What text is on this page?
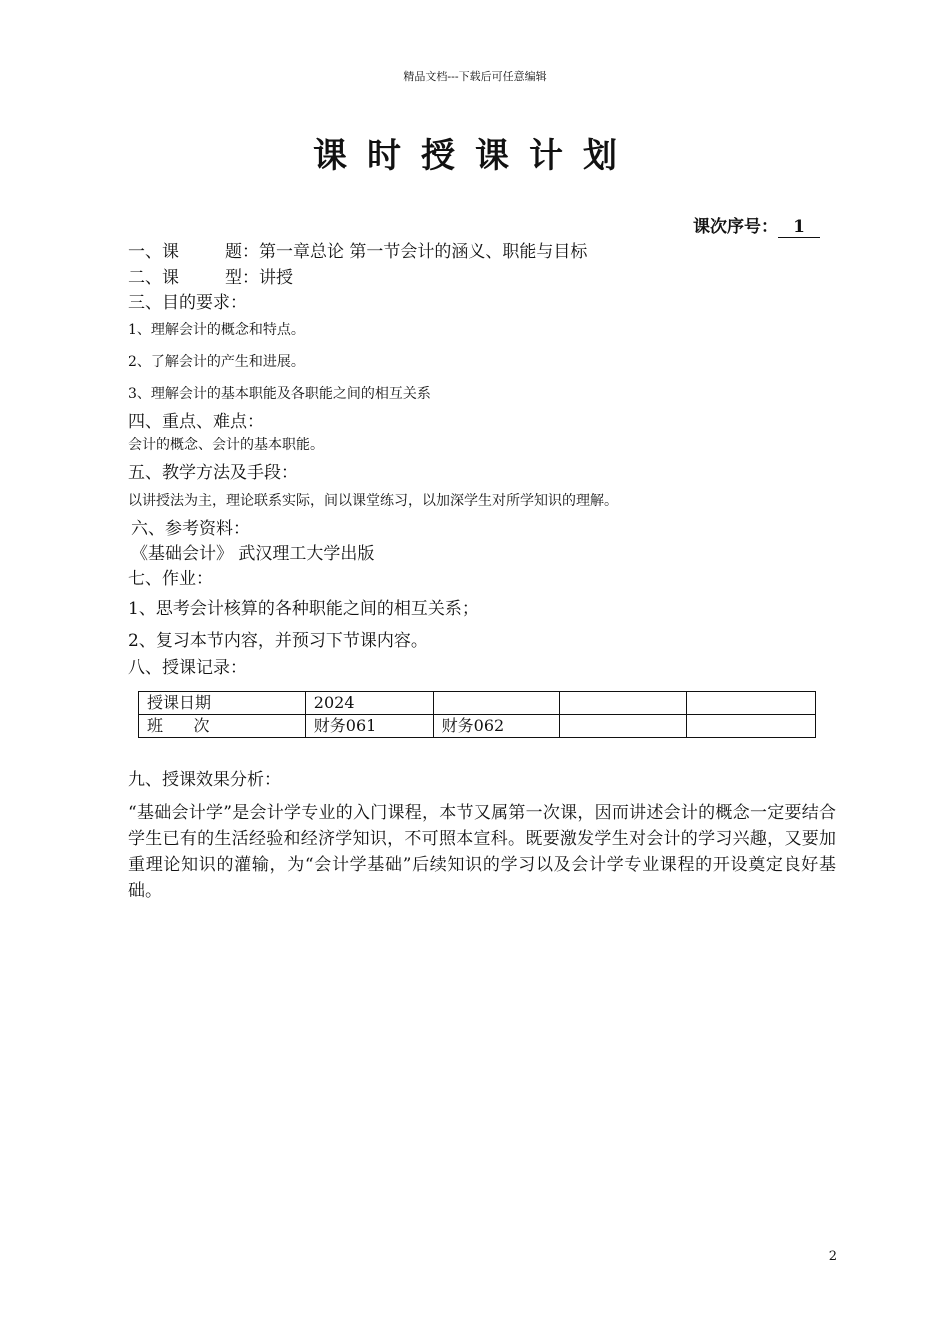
精品文档---下载后可任意编辑
课时授课计划
课次序号： 1
一、课	题：第一章总论 第一节会计的涵义、职能与目标
二、课	型：讲授
三、目的要求：
1、理解会计的概念和特点。
2、了解会计的产生和进展。
3、理解会计的基本职能及各职能之间的相互关系
四、重点、难点：
会计的概念、会计的基本职能。
五、教学方法及手段：
以讲授法为主，理论联系实际，间以课堂练习，以加深学生对所学知识的理解。
六、参考资料：
《基础会计》 武汉理工大学出版
七、作业：
1、思考会计核算的各种职能之间的相互关系；
2、复习本节内容，并预习下节课内容。
八、授课记录：
授课日期	2024			
班      次	财务061	财务062		
九、授课效果分析：
“基础会计学”是会计学专业的入门课程，本节又属第一次课，因而讲述会计的概念一定要结合学生已有的生活经验和经济学知识，不可照本宣科。既要激发学生对会计的学习兴趣，又要加重理论知识的灌输，为“会计学基础”后续知识的学习以及会计学专业课程的开设奠定良好基础。
2
